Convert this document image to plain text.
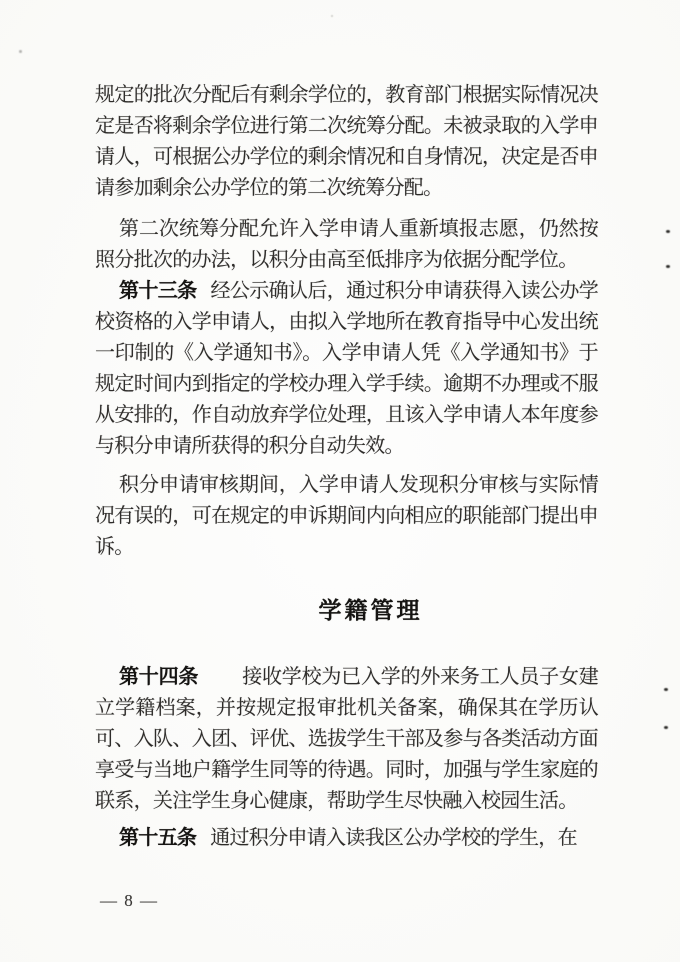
规定的批次分配后有剩余学位的，教育部门根据实际情况决定是否将剩余学位进行第二次统筹分配。未被录取的入学申请人，可根据公办学位的剩余情况和自身情况，决定是否申请参加剩余公办学位的第二次统筹分配。

第二次统筹分配允许入学申请人重新填报志愿，仍然按照分批次的办法，以积分由高至低排序为依据分配学位。

第十三条 经公示确认后，通过积分申请获得入读公办学校资格的入学申请人，由拟入学地所在教育指导中心发出统一印制的《入学通知书》。入学申请人凭《入学通知书》于规定时间内到指定的学校办理入学手续。逾期不办理或不服从安排的，作自动放弃学位处理，且该入学申请人本年度参与积分申请所获得的积分自动失效。

积分申请审核期间，入学申请人发现积分审核与实际情况有误的，可在规定的申诉期间内向相应的职能部门提出申诉。

学籍管理

第十四条 接收学校为已入学的外来务工人员子女建立学籍档案，并按规定报审批机关备案，确保其在学历认可、入队、入团、评优、选拔学生干部及参与各类活动方面享受与当地户籍学生同等的待遇。同时，加强与学生家庭的联系，关注学生身心健康，帮助学生尽快融入校园生活。

第十五条 通过积分申请入读我区公办学校的学生，在

— 8 —
